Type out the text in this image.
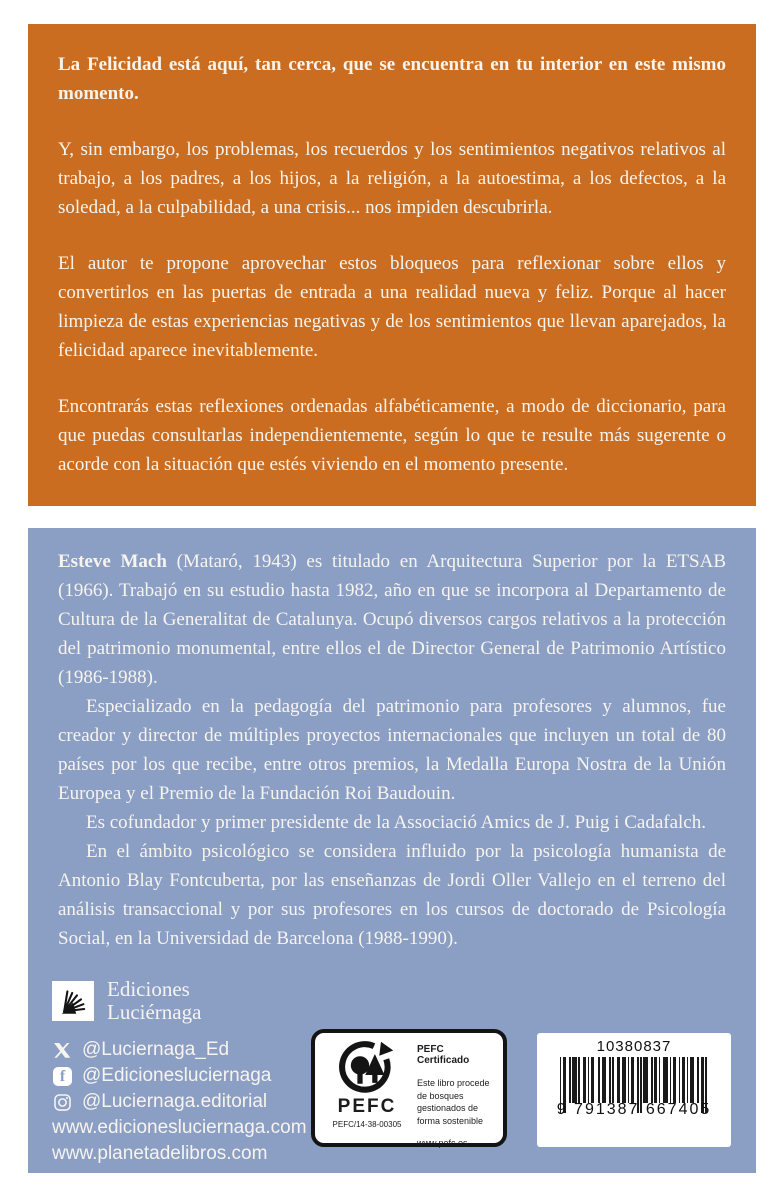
La Felicidad está aquí, tan cerca, que se encuentra en tu interior en este mismo momento.

Y, sin embargo, los problemas, los recuerdos y los sentimientos negativos relativos al trabajo, a los padres, a los hijos, a la religión, a la autoestima, a los defectos, a la soledad, a la culpabilidad, a una crisis... nos impiden descubrirla.

El autor te propone aprovechar estos bloqueos para reflexionar sobre ellos y convertirlos en las puertas de entrada a una realidad nueva y feliz. Porque al hacer limpieza de estas experiencias negativas y de los sentimientos que llevan aparejados, la felicidad aparece inevitablemente.

Encontrarás estas reflexiones ordenadas alfabéticamente, a modo de diccionario, para que puedas consultarlas independientemente, según lo que te resulte más sugerente o acorde con la situación que estés viviendo en el momento presente.

Esteve Mach (Mataró, 1943) es titulado en Arquitectura Superior por la ETSAB (1966). Trabajó en su estudio hasta 1982, año en que se incorpora al Departamento de Cultura de la Generalitat de Catalunya. Ocupó diversos cargos relativos a la protección del patrimonio monumental, entre ellos el de Director General de Patrimonio Artístico (1986-1988).

Especializado en la pedagogía del patrimonio para profesores y alumnos, fue creador y director de múltiples proyectos internacionales que incluyen un total de 80 países por los que recibe, entre otros premios, la Medalla Europa Nostra de la Unión Europea y el Premio de la Fundación Roi Baudouin.

Es cofundador y primer presidente de la Associació Amics de J. Puig i Cadafalch.

En el ámbito psicológico se considera influido por la psicología humanista de Antonio Blay Fontcuberta, por las enseñanzas de Jordi Oller Vallejo en el terreno del análisis transaccional y por sus profesores en los cursos de doctorado de Psicología Social, en la Universidad de Barcelona (1988-1990).

Ediciones
Luciérnaga
@Luciernaga_Ed
f @Edicionesluciernaga
@Luciernaga.editorial
www.edicionesluciernaga.com
www.planetadelibros.com
PEFC
PEFC/14-38-00305
PEFC Certificado
Este libro procede de bosques gestionados de forma sostenible
www.pefc.es
10380837
9 791387 667405
